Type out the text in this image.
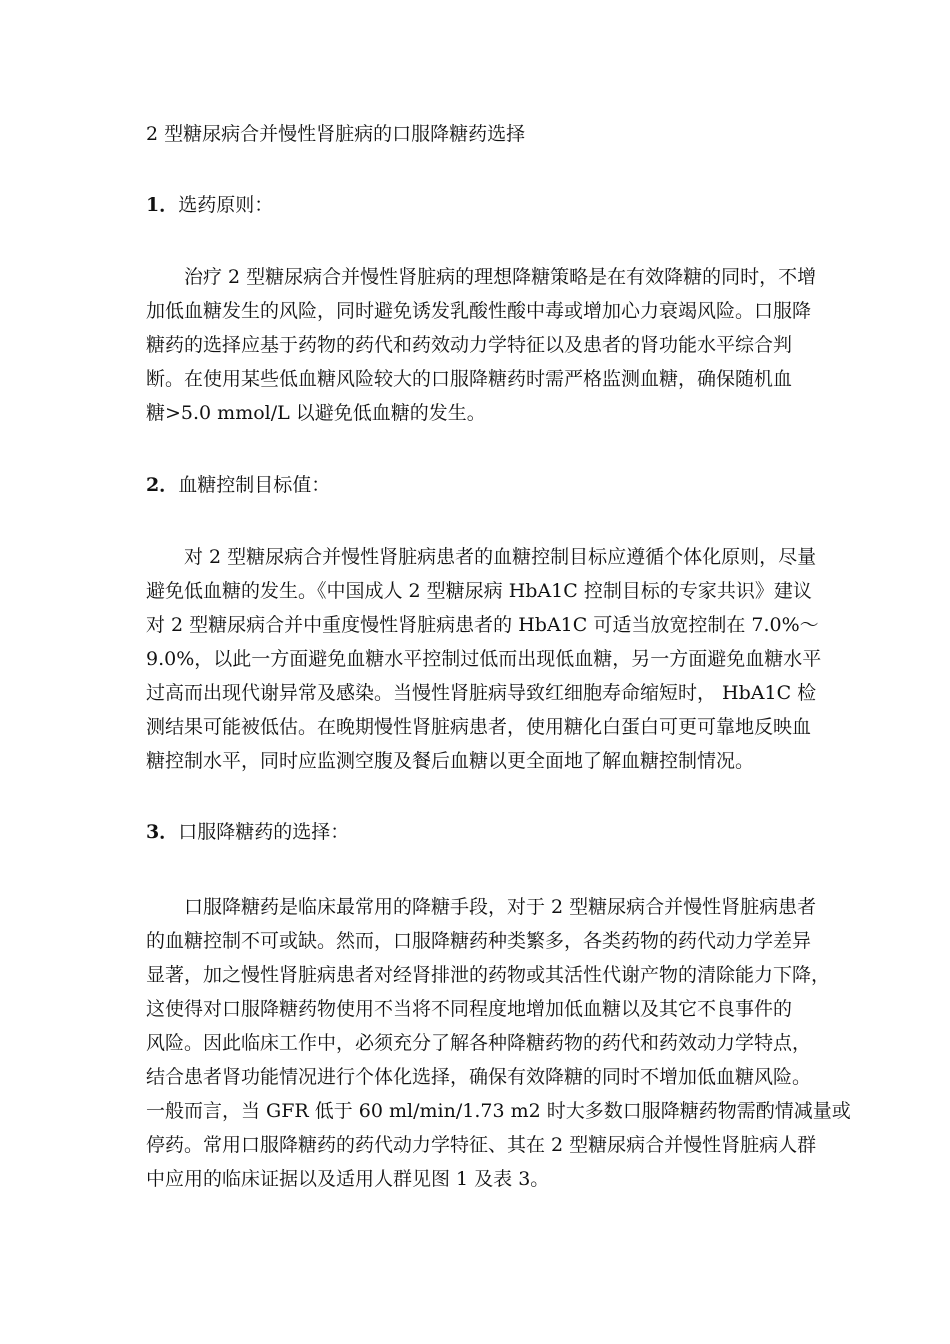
2 型糖尿病合并慢性肾脏病的口服降糖药选择
1．选药原则：
治疗 2 型糖尿病合并慢性肾脏病的理想降糖策略是在有效降糖的同时，不增
加低血糖发生的风险，同时避免诱发乳酸性酸中毒或增加心力衰竭风险。口服降
糖药的选择应基于药物的药代和药效动力学特征以及患者的肾功能水平综合判
断。在使用某些低血糖风险较大的口服降糖药时需严格监测血糖，确保随机血
糖>5.0 mmol/L 以避免低血糖的发生。
2．血糖控制目标值：
对 2 型糖尿病合并慢性肾脏病患者的血糖控制目标应遵循个体化原则，尽量
避免低血糖的发生。《中国成人 2 型糖尿病 HbA1C 控制目标的专家共识》建议
对 2 型糖尿病合并中重度慢性肾脏病患者的 HbA1C 可适当放宽控制在 7.0%～
9.0%，以此一方面避免血糖水平控制过低而出现低血糖，另一方面避免血糖水平
过高而出现代谢异常及感染。当慢性肾脏病导致红细胞寿命缩短时， HbA1C 检
测结果可能被低估。在晚期慢性肾脏病患者，使用糖化白蛋白可更可靠地反映血
糖控制水平，同时应监测空腹及餐后血糖以更全面地了解血糖控制情况。
3．口服降糖药的选择：
口服降糖药是临床最常用的降糖手段，对于 2 型糖尿病合并慢性肾脏病患者
的血糖控制不可或缺。然而，口服降糖药种类繁多，各类药物的药代动力学差异
显著，加之慢性肾脏病患者对经肾排泄的药物或其活性代谢产物的清除能力下降，
这使得对口服降糖药物使用不当将不同程度地增加低血糖以及其它不良事件的
风险。因此临床工作中，必须充分了解各种降糖药物的药代和药效动力学特点，
结合患者肾功能情况进行个体化选择，确保有效降糖的同时不增加低血糖风险。
一般而言，当 GFR 低于 60 ml/min/1.73 m2 时大多数口服降糖药物需酌情减量或
停药。常用口服降糖药的药代动力学特征、其在 2 型糖尿病合并慢性肾脏病人群
中应用的临床证据以及适用人群见图 1 及表 3。
